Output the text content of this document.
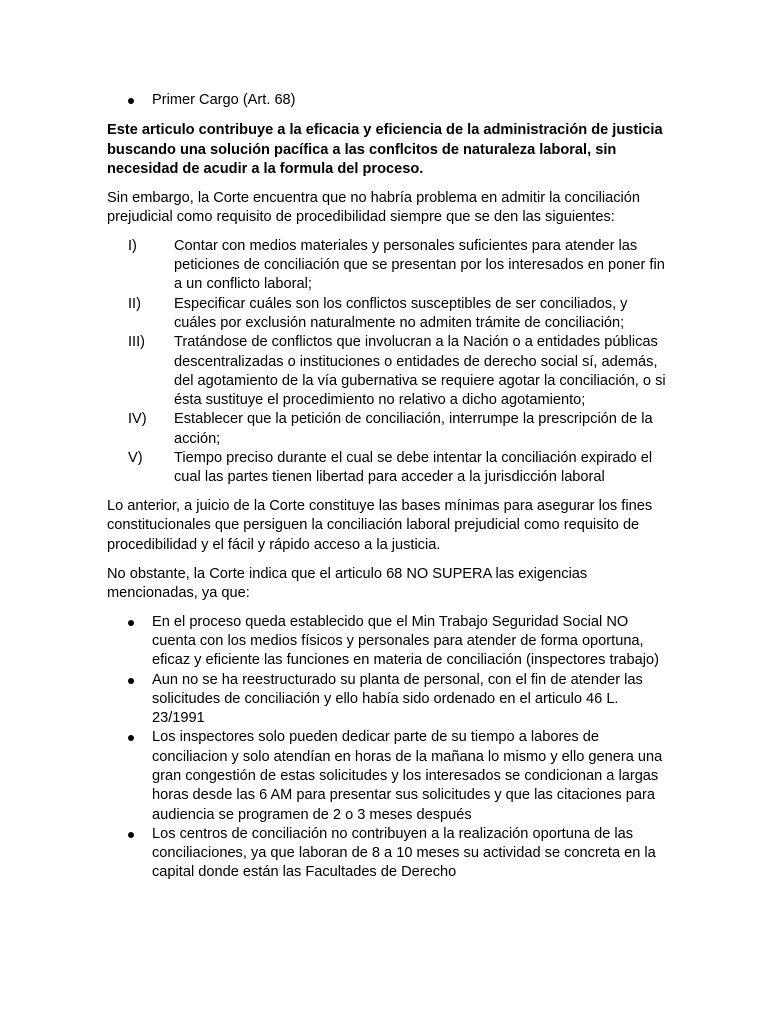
Primer Cargo (Art. 68)

Este articulo contribuye a la eficacia y eficiencia de la administración de justicia buscando una solución pacífica a las conflcitos de naturaleza laboral, sin necesidad de acudir a la formula del proceso.

Sin embargo, la Corte encuentra que no habría problema en admitir la conciliación prejudicial como requisito de procedibilidad siempre que se den las siguientes:

I)	Contar con medios materiales y personales suficientes para atender las peticiones de conciliación que se presentan por los interesados en poner fin a un conflicto laboral;
II) Especificar cuáles son los conflictos susceptibles de ser conciliados, y cuáles por exclusión naturalmente no admiten trámite de conciliación;
III) Tratándose de conflictos que involucran a la Nación o a entidades públicas descentralizadas o instituciones o entidades de derecho social sí, además, del agotamiento de la vía gubernativa se requiere agotar la conciliación, o si ésta sustituye el procedimiento no relativo a dicho agotamiento;
IV) Establecer que la petición de conciliación, interrumpe la prescripción de la acción;
V) Tiempo preciso durante el cual se debe intentar la conciliación expirado el cual las partes tienen libertad para acceder a la jurisdicción laboral

Lo anterior, a juicio de la Corte constituye las bases mínimas para asegurar los fines constitucionales que persiguen la conciliación laboral prejudicial como requisito de procedibilidad y el fácil y rápido acceso a la justicia.

No obstante, la Corte indica que el articulo 68 NO SUPERA las exigencias mencionadas, ya que:

En el proceso queda establecido que el Min Trabajo Seguridad Social NO cuenta con los medios físicos y personales para atender de forma oportuna, eficaz y eficiente las funciones en materia de conciliación (inspectores trabajo)
Aun no se ha reestructurado su planta de personal, con el fin de atender las solicitudes de conciliación y ello había sido ordenado en el articulo 46 L. 23/1991
Los inspectores solo pueden dedicar parte de su tiempo a labores de conciliacion y solo atendían en horas de la mañana lo mismo y ello genera una gran congestión de estas solicitudes y los interesados se condicionan a largas horas desde las 6 AM para presentar sus solicitudes y que las citaciones para audiencia se programen de 2 o 3 meses después
Los centros de conciliación no contribuyen a la realización oportuna de las conciliaciones, ya que laboran de 8 a 10 meses su actividad se concreta en la capital donde están las Facultades de Derecho
